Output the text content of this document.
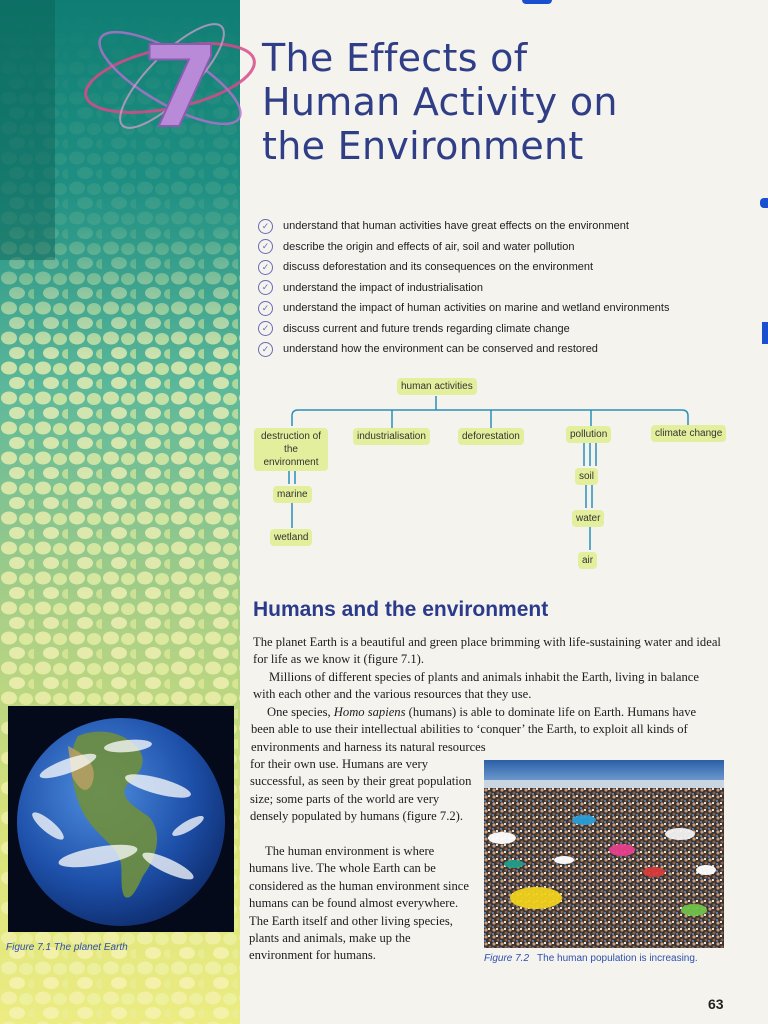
7 The Effects of
Human Activity on
the Environment
✓	understand that human activities have great effects on the environment
✓	describe the origin and effects of air, soil and water pollution
✓	discuss deforestation and its consequences on the environment
✓	understand the impact of industrialisation
✓	understand the impact of human activities on marine and wetland environments
✓	discuss current and future trends regarding climate change
✓	understand how the environment can be conserved and restored
human activities
destruction of the environment
industrialisation	deforestation	pollution	climate change
marine
wetland
soil
water
air
Humans and the environment

The planet Earth is a beautiful and green place brimming with life-sustaining water and ideal for life as we know it (figure 7.1).

Millions of different species of plants and animals inhabit the Earth, living in balance with each other and the various resources that they use.

One species, Homo sapiens (humans) is able to dominate life on Earth. Humans have been able to use their intellectual abilities to ‘conquer’ the Earth, to exploit all kinds of environments and harness its natural resources

for their own use. Humans are very successful, as seen by their great population size; some parts of the world are very densely populated by humans (figure 7.2).

The human environment is where humans live. The whole Earth can be considered as the human environment since humans can be found almost everywhere. The Earth itself and other living species, plants and animals, make up the environment for humans.

Figure 7.1 The planet Earth
Figure 7.2 The human population is increasing.
63
